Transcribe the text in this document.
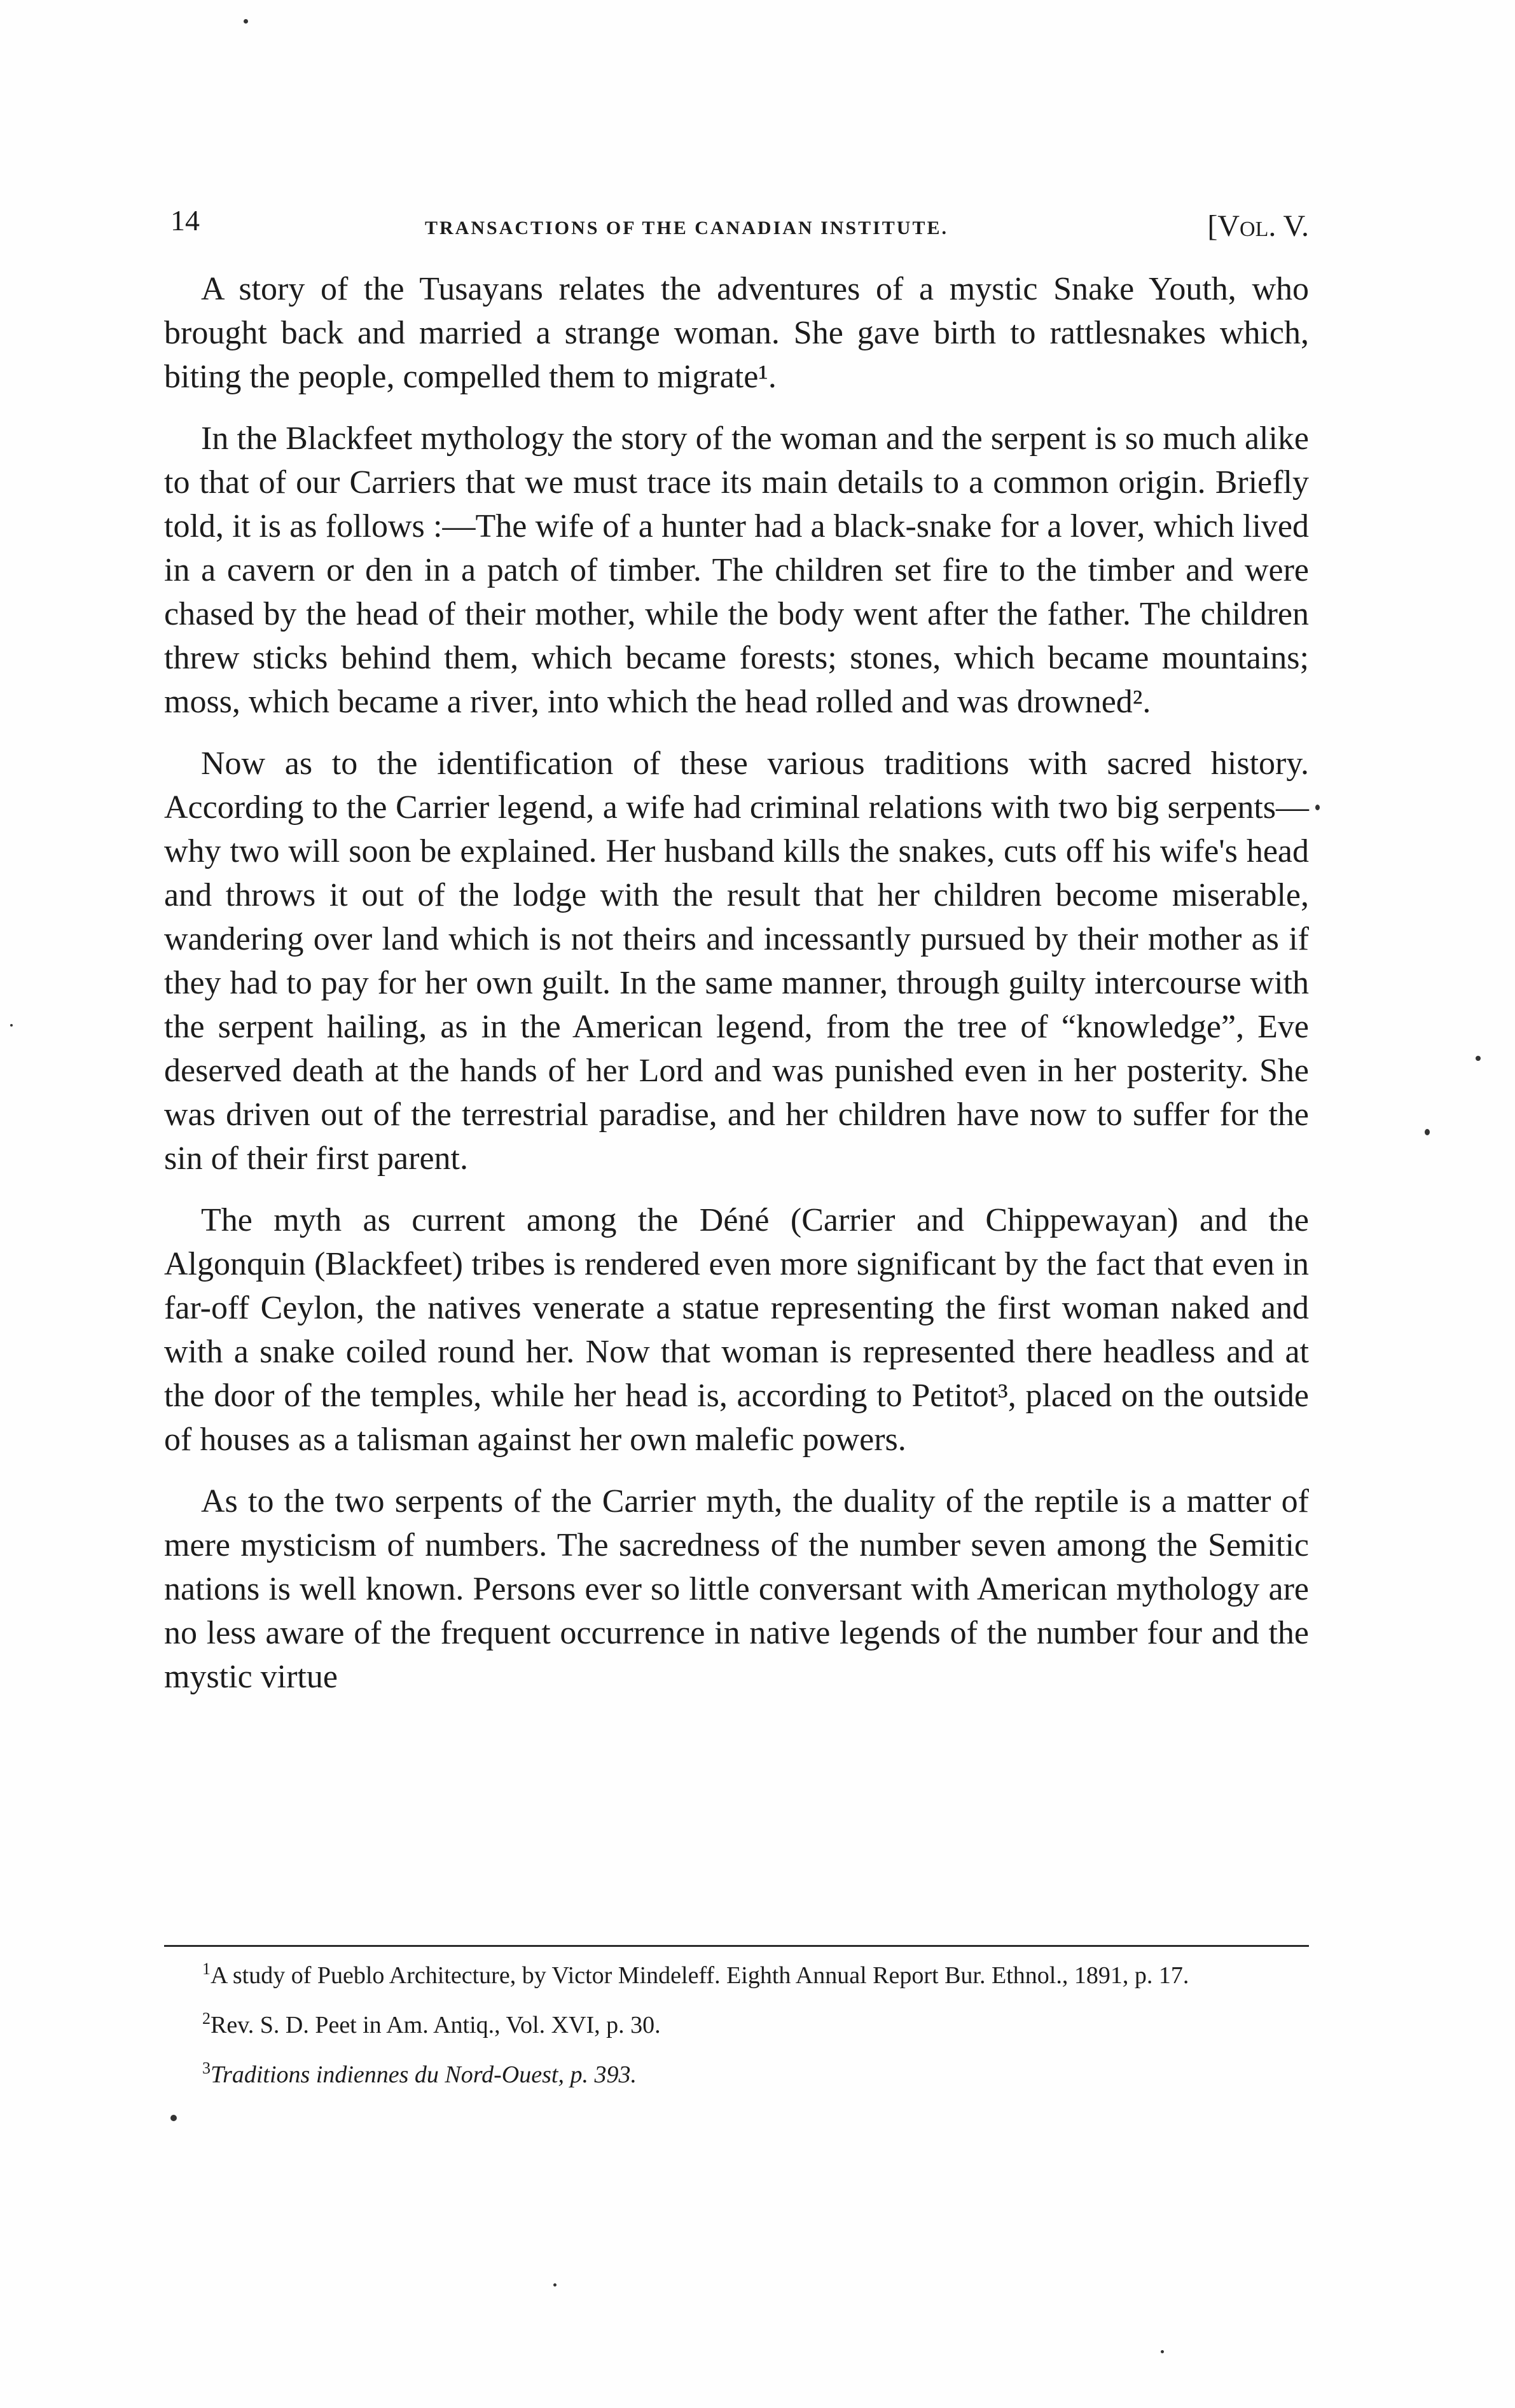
14	TRANSACTIONS OF THE CANADIAN INSTITUTE.	[Vol. V.

A story of the Tusayans relates the adventures of a mystic Snake Youth, who brought back and married a strange woman. She gave birth to rattlesnakes which, biting the people, compelled them to migrate¹.

In the Blackfeet mythology the story of the woman and the serpent is so much alike to that of our Carriers that we must trace its main details to a common origin. Briefly told, it is as follows :—The wife of a hunter had a black-snake for a lover, which lived in a cavern or den in a patch of timber. The children set fire to the timber and were chased by the head of their mother, while the body went after the father. The children threw sticks behind them, which became forests; stones, which became mountains; moss, which became a river, into which the head rolled and was drowned².

Now as to the identification of these various traditions with sacred history. According to the Carrier legend, a wife had criminal relations with two big serpents—why two will soon be explained. Her husband kills the snakes, cuts off his wife's head and throws it out of the lodge with the result that her children become miserable, wandering over land which is not theirs and incessantly pursued by their mother as if they had to pay for her own guilt. In the same manner, through guilty intercourse with the serpent hailing, as in the American legend, from the tree of “knowledge”, Eve deserved death at the hands of her Lord and was punished even in her posterity. She was driven out of the terrestrial paradise, and her children have now to suffer for the sin of their first parent.

The myth as current among the Déné (Carrier and Chippewayan) and the Algonquin (Blackfeet) tribes is rendered even more significant by the fact that even in far-off Ceylon, the natives venerate a statue representing the first woman naked and with a snake coiled round her. Now that woman is represented there headless and at the door of the temples, while her head is, according to Petitot³, placed on the outside of houses as a talisman against her own malefic powers.

As to the two serpents of the Carrier myth, the duality of the reptile is a matter of mere mysticism of numbers. The sacredness of the number seven among the Semitic nations is well known. Persons ever so little conversant with American mythology are no less aware of the frequent occurrence in native legends of the number four and the mystic virtue

$^1$A study of Pueblo Architecture, by Victor Mindeleff. Eighth Annual Report Bur. Ethnol., 1891, p. 17.

$^2$Rev. S. D. Peet in Am. Antiq., Vol. XVI, p. 30.

$^3$Traditions indiennes du Nord-Ouest, p. 393.
